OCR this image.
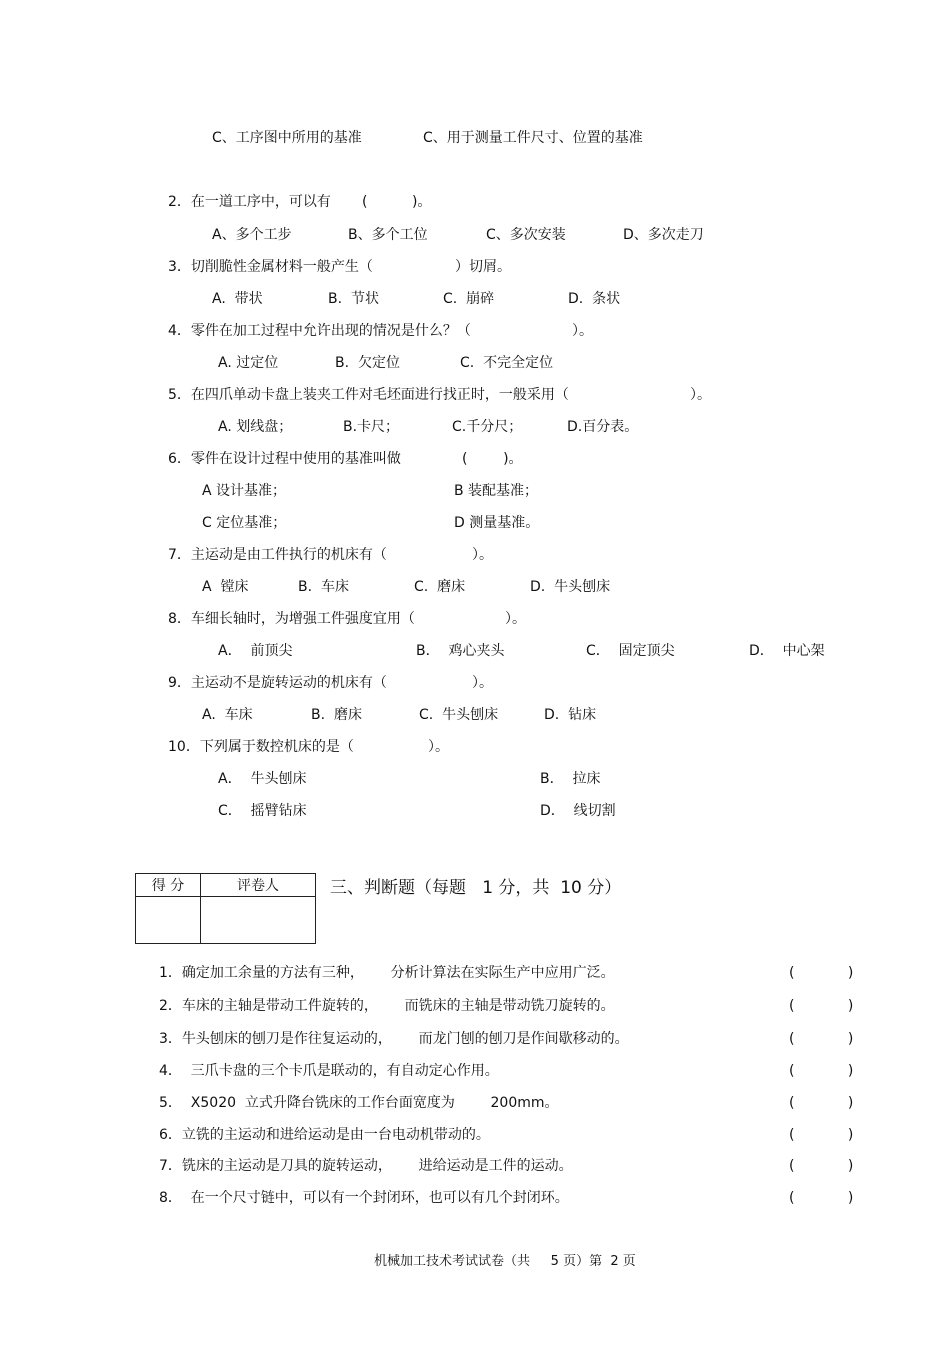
C、工序图中所用的基准	C、用于测量工件尺寸、位置的基准
2．在一道工序中，可以有 (          )。
A、多个工步	B、多个工位	C、多次安装	D、多次走刀
3．切削脆性金属材料一般产生（	）切屑。
A.  带状	B.  节状	C.  崩碎	D.  条状
4．零件在加工过程中允许出现的情况是什么？（	）。
A. 过定位	B.  欠定位	C.  不完全定位
5．在四爪单动卡盘上装夹工件对毛坯面进行找正时，一般采用（	）。
A. 划线盘；	B.卡尺；	C.千分尺；	D.百分表。
6．零件在设计过程中使用的基准叫做	(        )。
A 设计基准；	B 装配基准；
C 定位基准；	D 测量基准。
7．主运动是由工件执行的机床有（	）。
A  镗床	B.  车床	C.  磨床	D.  牛头刨床
8．车细长轴时，为增强工件强度宜用（	）。
A．  前顶尖	B．  鸡心夹头	C．  固定顶尖	D．  中心架
9．主运动不是旋转运动的机床有（	）。
A.  车床	B.  磨床	C.  牛头刨床	D.  钻床
10．下列属于数控机床的是（	）。
A．  牛头刨床	B．  拉床
C．  摇臂钻床	D．  线切割
得 分	评卷人
		三、判断题（每题   1 分，共  10 分）
1．确定加工余量的方法有三种，      分析计算法在实际生产中应用广泛。	(            )
2．车床的主轴是带动工件旋转的，      而铣床的主轴是带动铣刀旋转的。	(            )
3．牛头刨床的刨刀是作往复运动的，      而龙门刨的刨刀是作间歇移动的。	(            )
4．  三爪卡盘的三个卡爪是联动的，有自动定心作用。	(            )
5．  X5020  立式升降台铣床的工作台面宽度为        200mm。	(            )
6．立铣的主运动和进给运动是由一台电动机带动的。	(            )
7．铣床的主运动是刀具的旋转运动，      进给运动是工件的运动。	(            )
8．  在一个尺寸链中，可以有一个封闭环，也可以有几个封闭环。	(            )
机械加工技术考试试卷（共     5 页）第  2 页
